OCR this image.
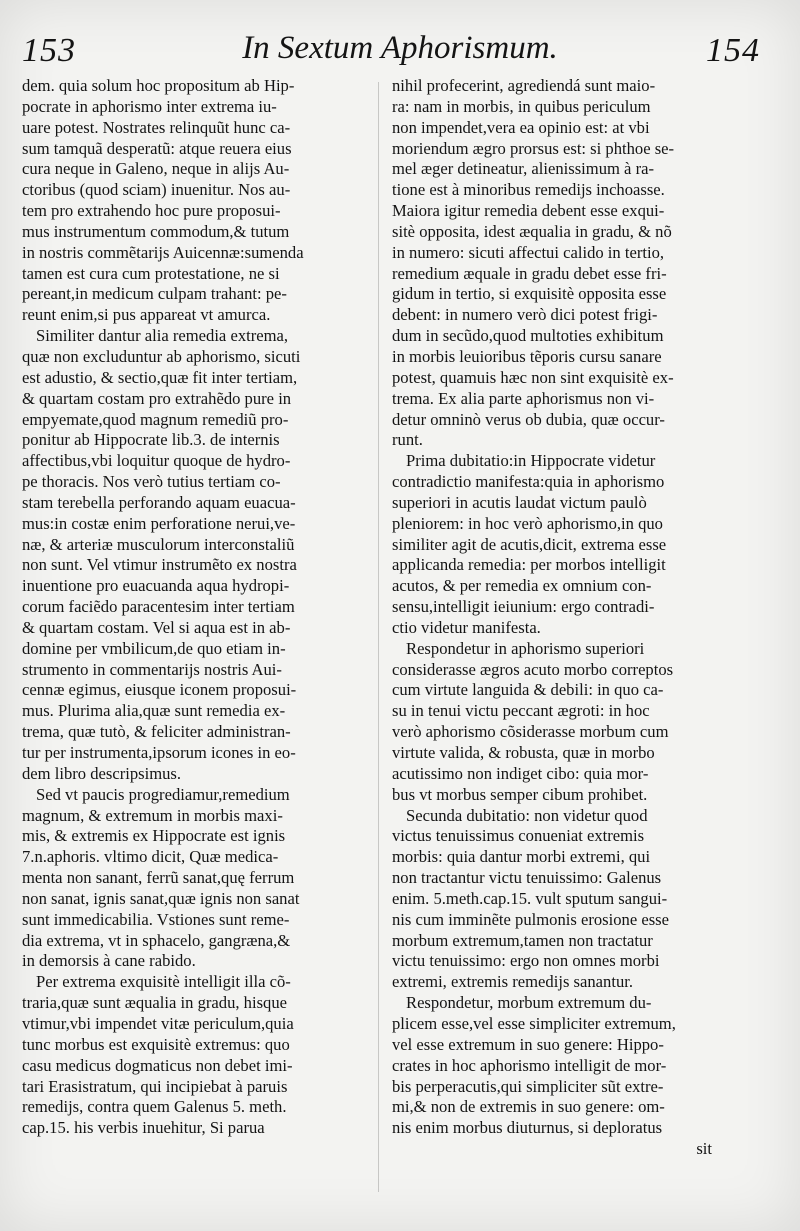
153	In Sextum Aphorismum.	154
dem. quia solum hoc propositum ab Hip-
pocrate in aphorismo inter extrema iu-
uare potest. Nostrates relinquũt hunc ca-
sum tamquã desperatũ: atque reuera eius
cura neque in Galeno, neque in alijs Au-
ctoribus (quod sciam) inuenitur. Nos au-
tem pro extrahendo hoc pure proposui-
mus instrumentum commodum,& tutum
in nostris commẽtarijs Auicennæ:sumenda
tamen est cura cum protestatione, ne si
pereant,in medicum culpam trahant: pe-
reunt enim,si pus appareat vt amurca.
Similiter dantur alia remedia extrema,
quæ non excluduntur ab aphorismo, sicuti
est adustio, & sectio,quæ fit inter tertiam,
& quartam costam pro extrahẽdo pure in
empyemate,quod magnum remediũ pro-
ponitur ab Hippocrate lib.3. de internis
affectibus,vbi loquitur quoque de hydro-
pe thoracis. Nos verò tutius tertiam co-
stam terebella perforando aquam euacua-
mus:in costæ enim perforatione nerui,ve-
næ, & arteriæ musculorum interconstaliũ
non sunt. Vel vtimur instrumẽto ex nostra
inuentione pro euacuanda aqua hydropi-
corum faciẽdo paracentesim inter tertiam
& quartam costam. Vel si aqua est in ab-
domine per vmbilicum,de quo etiam in-
strumento in commentarijs nostris Aui-
cennæ egimus, eiusque iconem proposui-
mus. Plurima alia,quæ sunt remedia ex-
trema, quæ tutò, & feliciter administran-
tur per instrumenta,ipsorum icones in eo-
dem libro descripsimus.
Sed vt paucis progrediamur,remedium
magnum, & extremum in morbis maxi-
mis, & extremis ex Hippocrate est ignis
7.n.aphoris. vltimo dicit, Quæ medica-
menta non sanant, ferrũ sanat,quę ferrum
non sanat, ignis sanat,quæ ignis non sanat
sunt immedicabilia. Vstiones sunt reme-
dia extrema, vt in sphacelo, gangræna,&
in demorsis à cane rabido.
Per extrema exquisitè intelligit illa cõ-
traria,quæ sunt æqualia in gradu, hisque
vtimur,vbi impendet vitæ periculum,quia
tunc morbus est exquisitè extremus: quo
casu medicus dogmaticus non debet imi-
tari Erasistratum, qui incipiebat à paruis
remedijs, contra quem Galenus 5. meth.
cap.15. his verbis inuehitur, Si parua
nihil profecerint, agrediendá sunt maio-
ra: nam in morbis, in quibus periculum
non impendet,vera ea opinio est: at vbi
moriendum ægro prorsus est: si phthoe se-
mel æger detineatur, alienissimum à ra-
tione est à minoribus remedijs inchoasse.
Maiora igitur remedia debent esse exqui-
sitè opposita, idest æqualia in gradu, & nõ
in numero: sicuti affectui calido in tertio,
remedium æquale in gradu debet esse fri-
gidum in tertio, si exquisitè opposita esse
debent: in numero verò dici potest frigi-
dum in secũdo,quod multoties exhibitum
in morbis leuioribus tẽporis cursu sanare
potest, quamuis hæc non sint exquisitè ex-
trema. Ex alia parte aphorismus non vi-
detur omninò verus ob dubia, quæ occur-
runt.
Prima dubitatio:in Hippocrate videtur
contradictio manifesta:quia in aphorismo
superiori in acutis laudat victum paulò
pleniorem: in hoc verò aphorismo,in quo
similiter agit de acutis,dicit, extrema esse
applicanda remedia: per morbos intelligit
acutos, & per remedia ex omnium con-
sensu,intelligit ieiunium: ergo contradi-
ctio videtur manifesta.
Respondetur in aphorismo superiori
considerasse ægros acuto morbo correptos
cum virtute languida & debili: in quo ca-
su in tenui victu peccant ægroti: in hoc
verò aphorismo cõsiderasse morbum cum
virtute valida, & robusta, quæ in morbo
acutissimo non indiget cibo: quia mor-
bus vt morbus semper cibum prohibet.
Secunda dubitatio: non videtur quod
victus tenuissimus conueniat extremis
morbis: quia dantur morbi extremi, qui
non tractantur victu tenuissimo: Galenus
enim. 5.meth.cap.15. vult sputum sangui-
nis cum imminẽte pulmonis erosione esse
morbum extremum,tamen non tractatur
victu tenuissimo: ergo non omnes morbi
extremi, extremis remedijs sanantur.
Respondetur, morbum extremum du-
plicem esse,vel esse simpliciter extremum,
vel esse extremum in suo genere: Hippo-
crates in hoc aphorismo intelligit de mor-
bis perperacutis,qui simpliciter sũt extre-
mi,& non de extremis in suo genere: om-
nis enim morbus diuturnus, si deploratus
sit
